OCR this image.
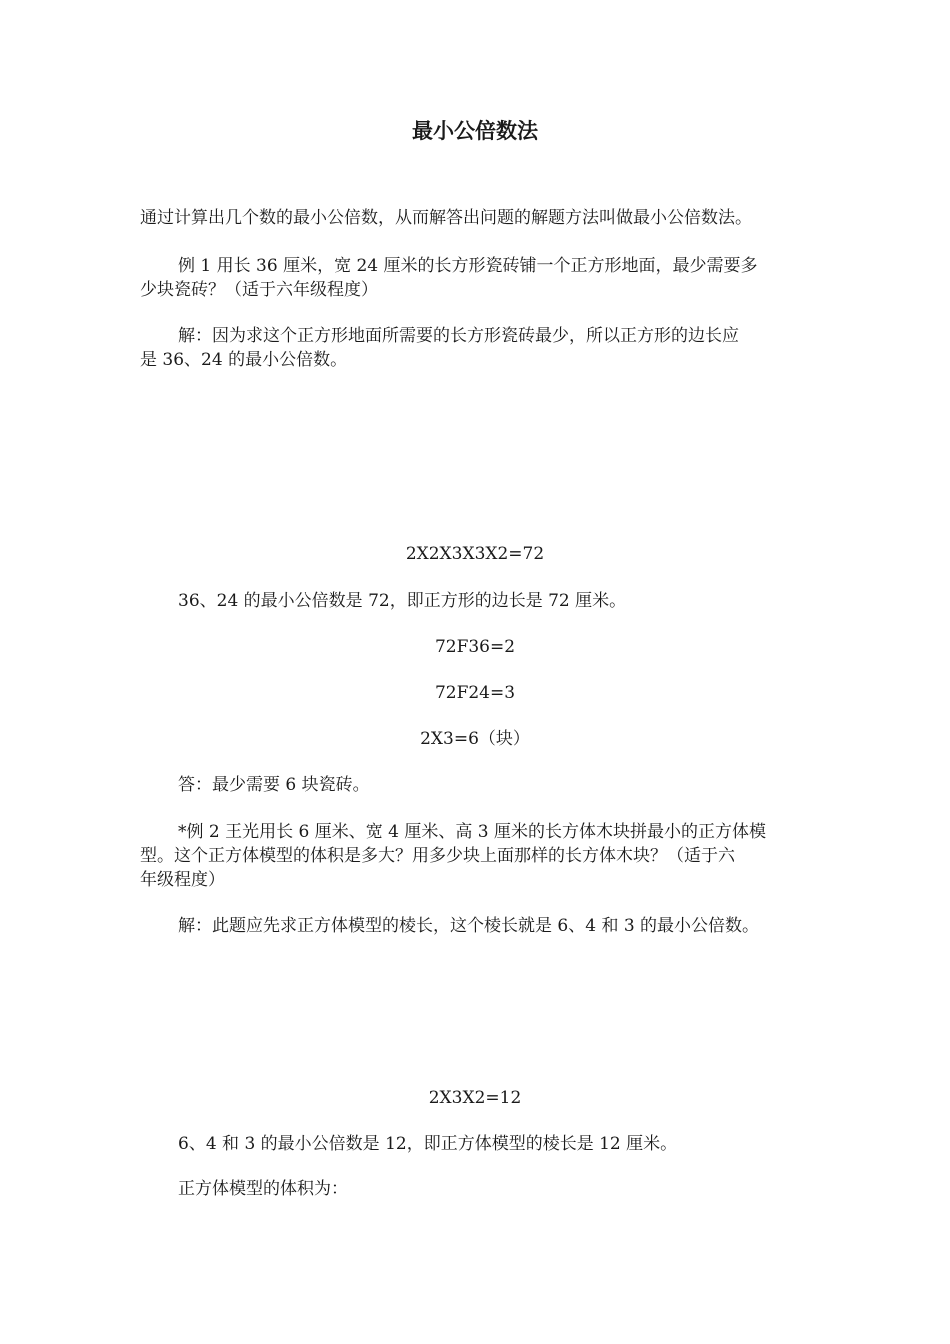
最小公倍数法

通过计算出几个数的最小公倍数，从而解答出问题的解题方法叫做最小公倍数法。

例 1 用长 36 厘米，宽 24 厘米的长方形瓷砖铺一个正方形地面，最少需要多

少块瓷砖？（适于六年级程度）

解：因为求这个正方形地面所需要的长方形瓷砖最少，所以正方形的边长应

是 36、24 的最小公倍数。

2X2X3X3X2=72

36、24 的最小公倍数是 72，即正方形的边长是 72 厘米。

72F36=2

72F24=3

2X3=6（块）

答：最少需要 6 块瓷砖。

*例 2 王光用长 6 厘米、宽 4 厘米、高 3 厘米的长方体木块拼最小的正方体模

型。这个正方体模型的体积是多大？用多少块上面那样的长方体木块？（适于六

年级程度）

解：此题应先求正方体模型的棱长，这个棱长就是 6、4 和 3 的最小公倍数。

2X3X2=12

6、4 和 3 的最小公倍数是 12，即正方体模型的棱长是 12 厘米。

正方体模型的体积为：
